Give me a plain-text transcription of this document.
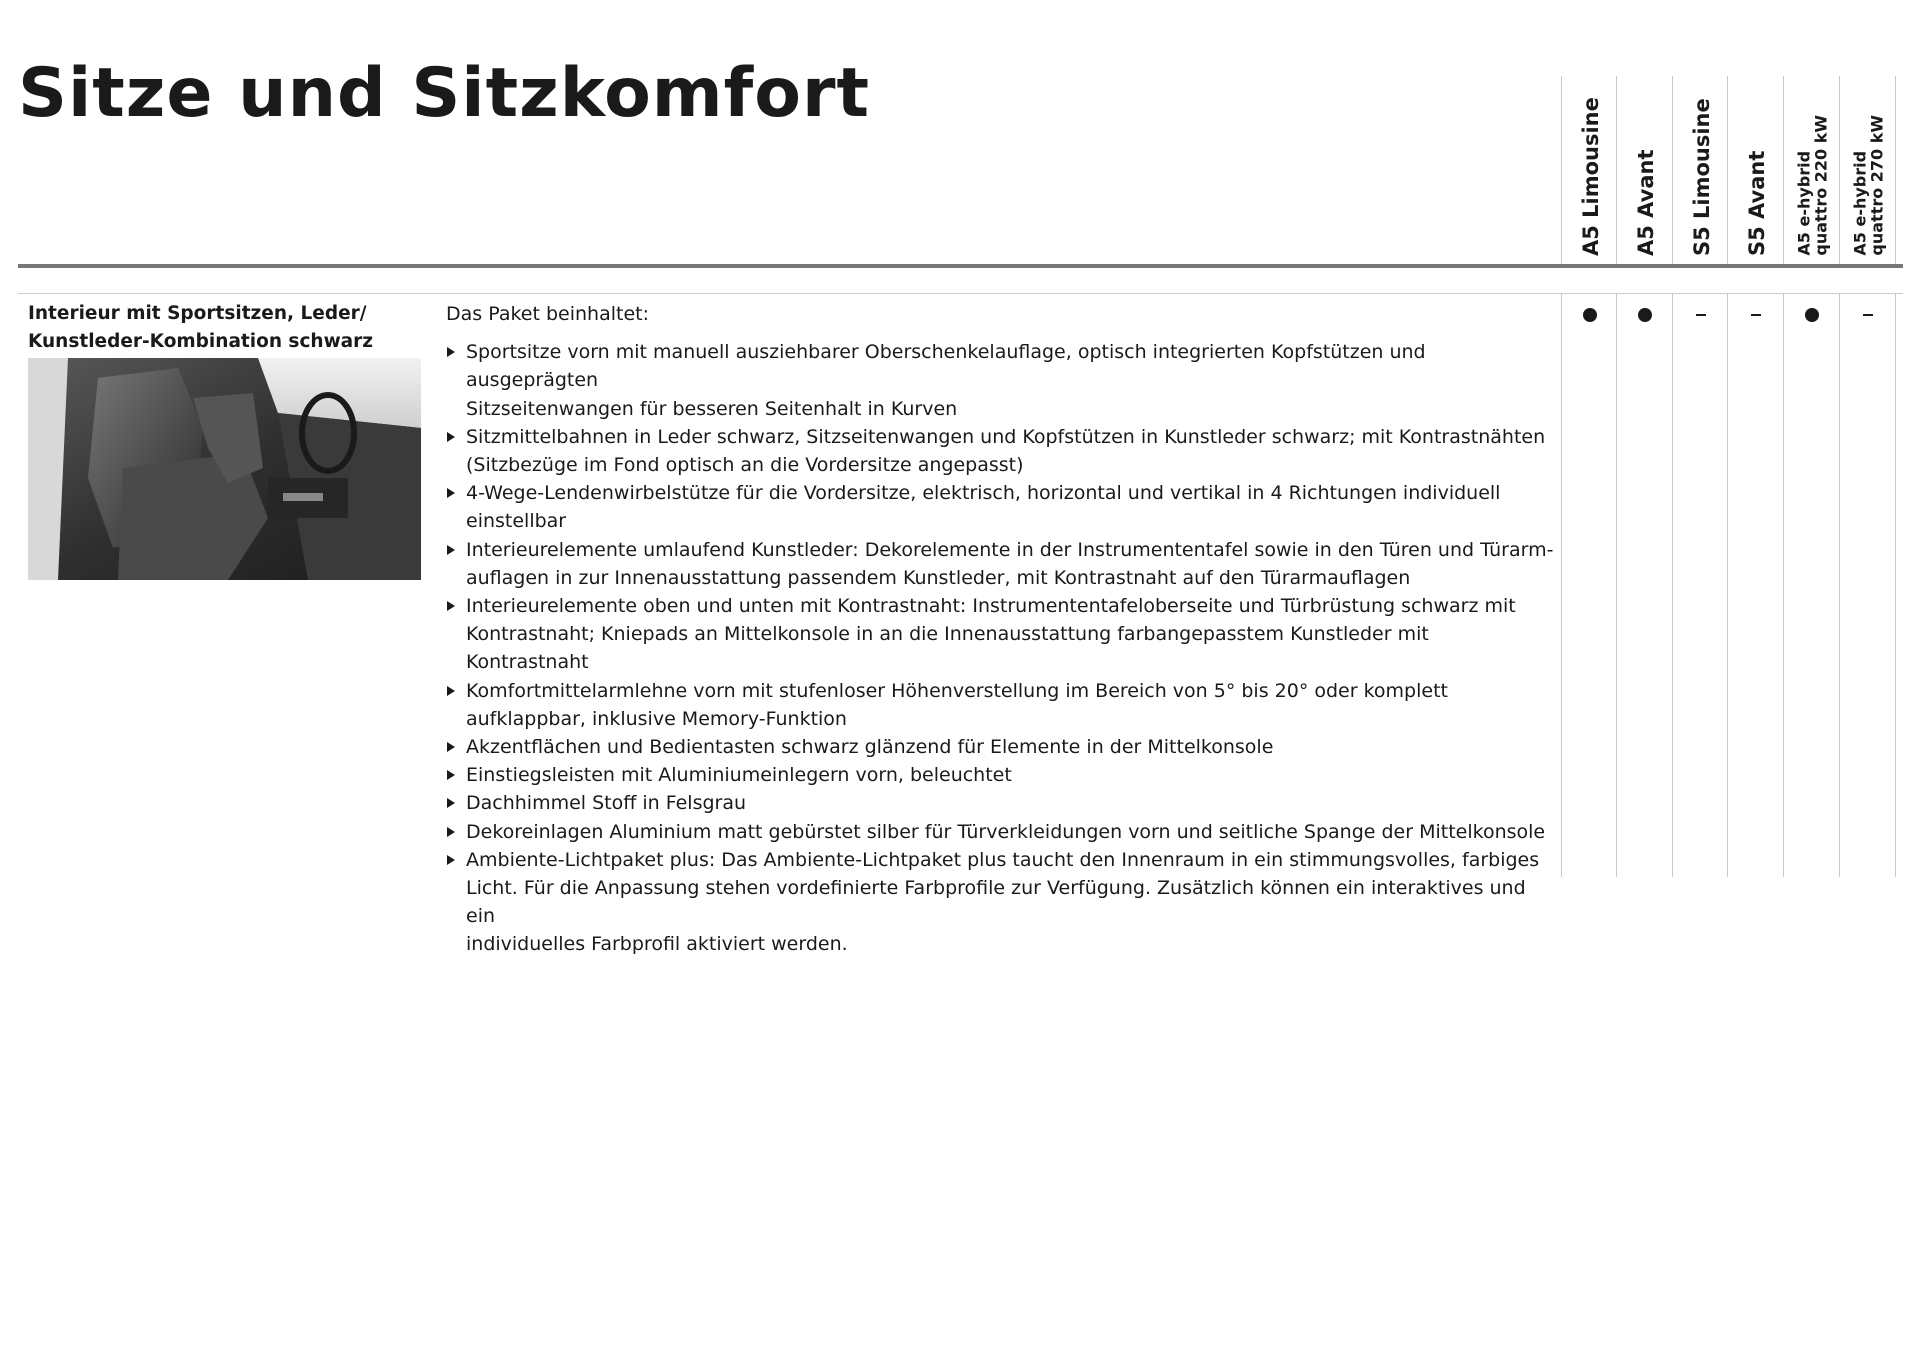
Sitze und Sitzkomfort
A5 Limousine A5 Avant S5 Limousine S5 Avant A5 e-hybrid
quattro 220 kW A5 e-hybrid
quattro 270 kW

Interieur mit Sportsitzen, Leder/
Kunstleder-Kombination schwarz

Das Paket beinhaltet:

Sportsitze vorn mit manuell ausziehbarer Oberschenkelauflage, optisch integrierten Kopfstützen und ausgeprägten
Sitzseitenwangen für besseren Seitenhalt in Kurven
Sitzmittelbahnen in Leder schwarz, Sitzseitenwangen und Kopfstützen in Kunstleder schwarz; mit Kontrastnähten
(Sitzbezüge im Fond optisch an die Vordersitze angepasst)
4-Wege-Lendenwirbelstütze für die Vordersitze, elektrisch, horizontal und vertikal in 4 Richtungen individuell
einstellbar
Interieurelemente umlaufend Kunstleder: Dekorelemente in der Instrumententafel sowie in den Türen und Türarm-
auflagen in zur Innenausstattung passendem Kunstleder, mit Kontrastnaht auf den Türarmauflagen
Interieurelemente oben und unten mit Kontrastnaht: Instrumententafeloberseite und Türbrüstung schwarz mit
Kontrastnaht; Kniepads an Mittelkonsole in an die Innenausstattung farbangepasstem Kunstleder mit Kontrastnaht
Komfortmittelarmlehne vorn mit stufenloser Höhenverstellung im Bereich von 5° bis 20° oder komplett
aufklappbar, inklusive Memory-Funktion
Akzentflächen und Bedientasten schwarz glänzend für Elemente in der Mittelkonsole
Einstiegsleisten mit Aluminiumeinlegern vorn, beleuchtet
Dachhimmel Stoff in Felsgrau
Dekoreinlagen Aluminium matt gebürstet silber für Türverkleidungen vorn und seitliche Spange der Mittelkonsole
Ambiente-Lichtpaket plus: Das Ambiente-Lichtpaket plus taucht den Innenraum in ein stimmungsvolles, farbiges
Licht. Für die Anpassung stehen vordefinierte Farbprofile zur Verfügung. Zusätzlich können ein interaktives und ein
individuelles Farbprofil aktiviert werden.
